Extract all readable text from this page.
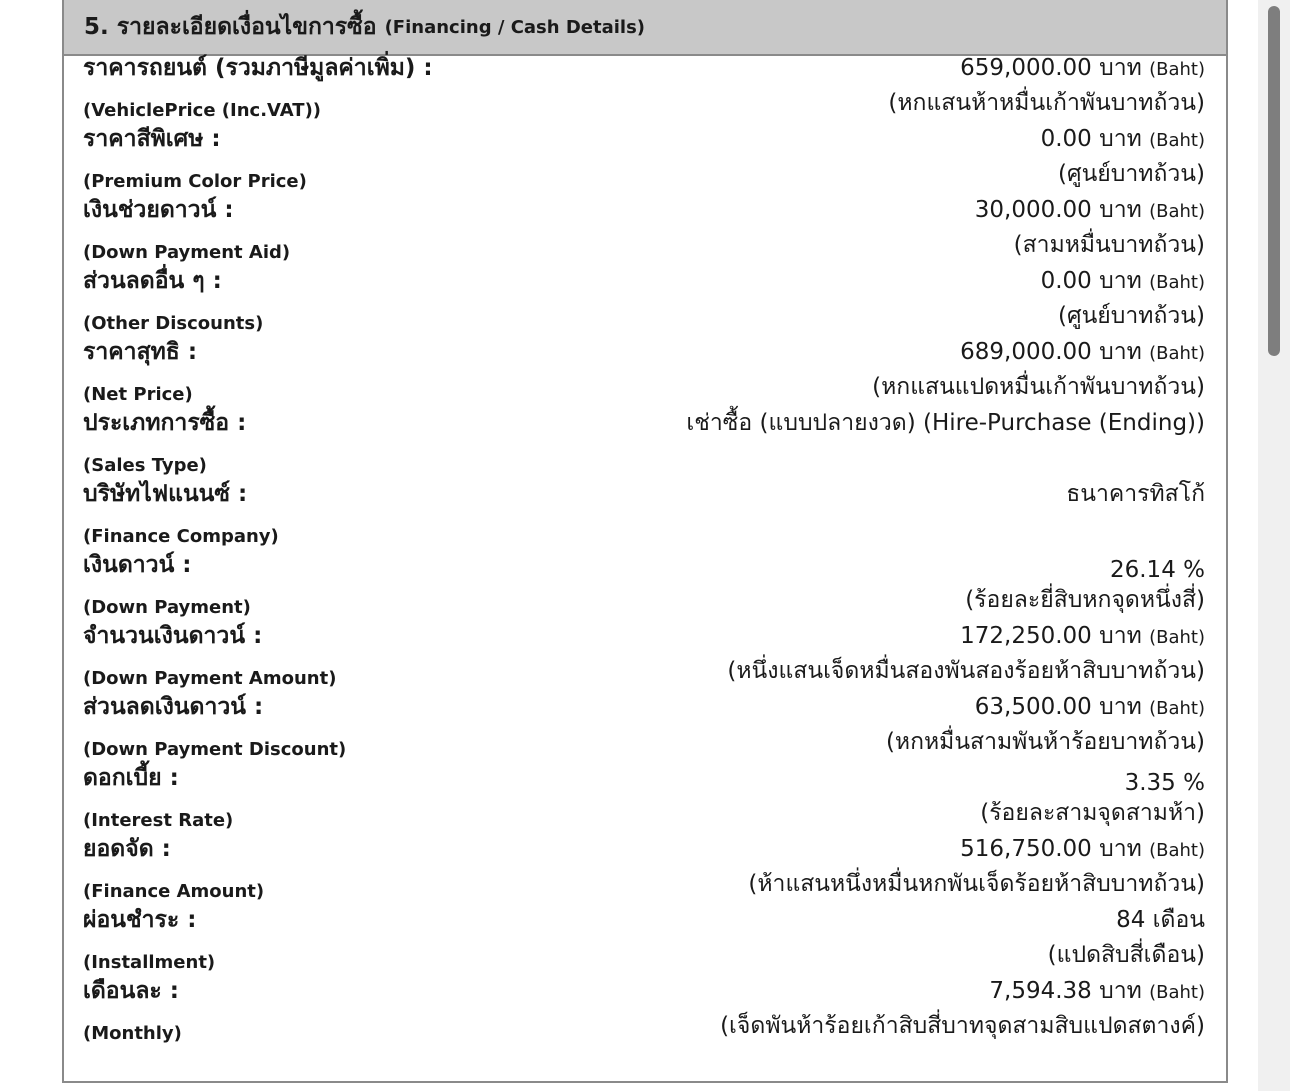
5. รายละเอียดเงื่อนไขการซื้อ (Financing / Cash Details)
ราคารถยนต์ (รวมภาษีมูลค่าเพิ่ม) :	659,000.00 บาท (Baht)
(VehiclePrice (Inc.VAT))	(หกแสนห้าหมื่นเก้าพันบาทถ้วน)
ราคาสีพิเศษ :	0.00 บาท (Baht)
(Premium Color Price)	(ศูนย์บาทถ้วน)
เงินช่วยดาวน์ :	30,000.00 บาท (Baht)
(Down Payment Aid)	(สามหมื่นบาทถ้วน)
ส่วนลดอื่น ๆ :	0.00 บาท (Baht)
(Other Discounts)	(ศูนย์บาทถ้วน)
ราคาสุทธิ :	689,000.00 บาท (Baht)
(Net Price)	(หกแสนแปดหมื่นเก้าพันบาทถ้วน)
ประเภทการซื้อ :	เช่าซื้อ (แบบปลายงวด) (Hire-Purchase (Ending))
(Sales Type)
บริษัทไฟแนนซ์ :	ธนาคารทิสโก้
(Finance Company)
เงินดาวน์ :	26.14 %
(Down Payment)	(ร้อยละยี่สิบหกจุดหนึ่งสี่)
จำนวนเงินดาวน์ :	172,250.00 บาท (Baht)
(Down Payment Amount)	(หนึ่งแสนเจ็ดหมื่นสองพันสองร้อยห้าสิบบาทถ้วน)
ส่วนลดเงินดาวน์ :	63,500.00 บาท (Baht)
(Down Payment Discount)	(หกหมื่นสามพันห้าร้อยบาทถ้วน)
ดอกเบี้ย :	3.35 %
(Interest Rate)	(ร้อยละสามจุดสามห้า)
ยอดจัด :	516,750.00 บาท (Baht)
(Finance Amount)	(ห้าแสนหนึ่งหมื่นหกพันเจ็ดร้อยห้าสิบบาทถ้วน)
ผ่อนชำระ :	84 เดือน
(Installment)	(แปดสิบสี่เดือน)
เดือนละ :	7,594.38 บาท (Baht)
(Monthly)	(เจ็ดพันห้าร้อยเก้าสิบสี่บาทจุดสามสิบแปดสตางค์)
